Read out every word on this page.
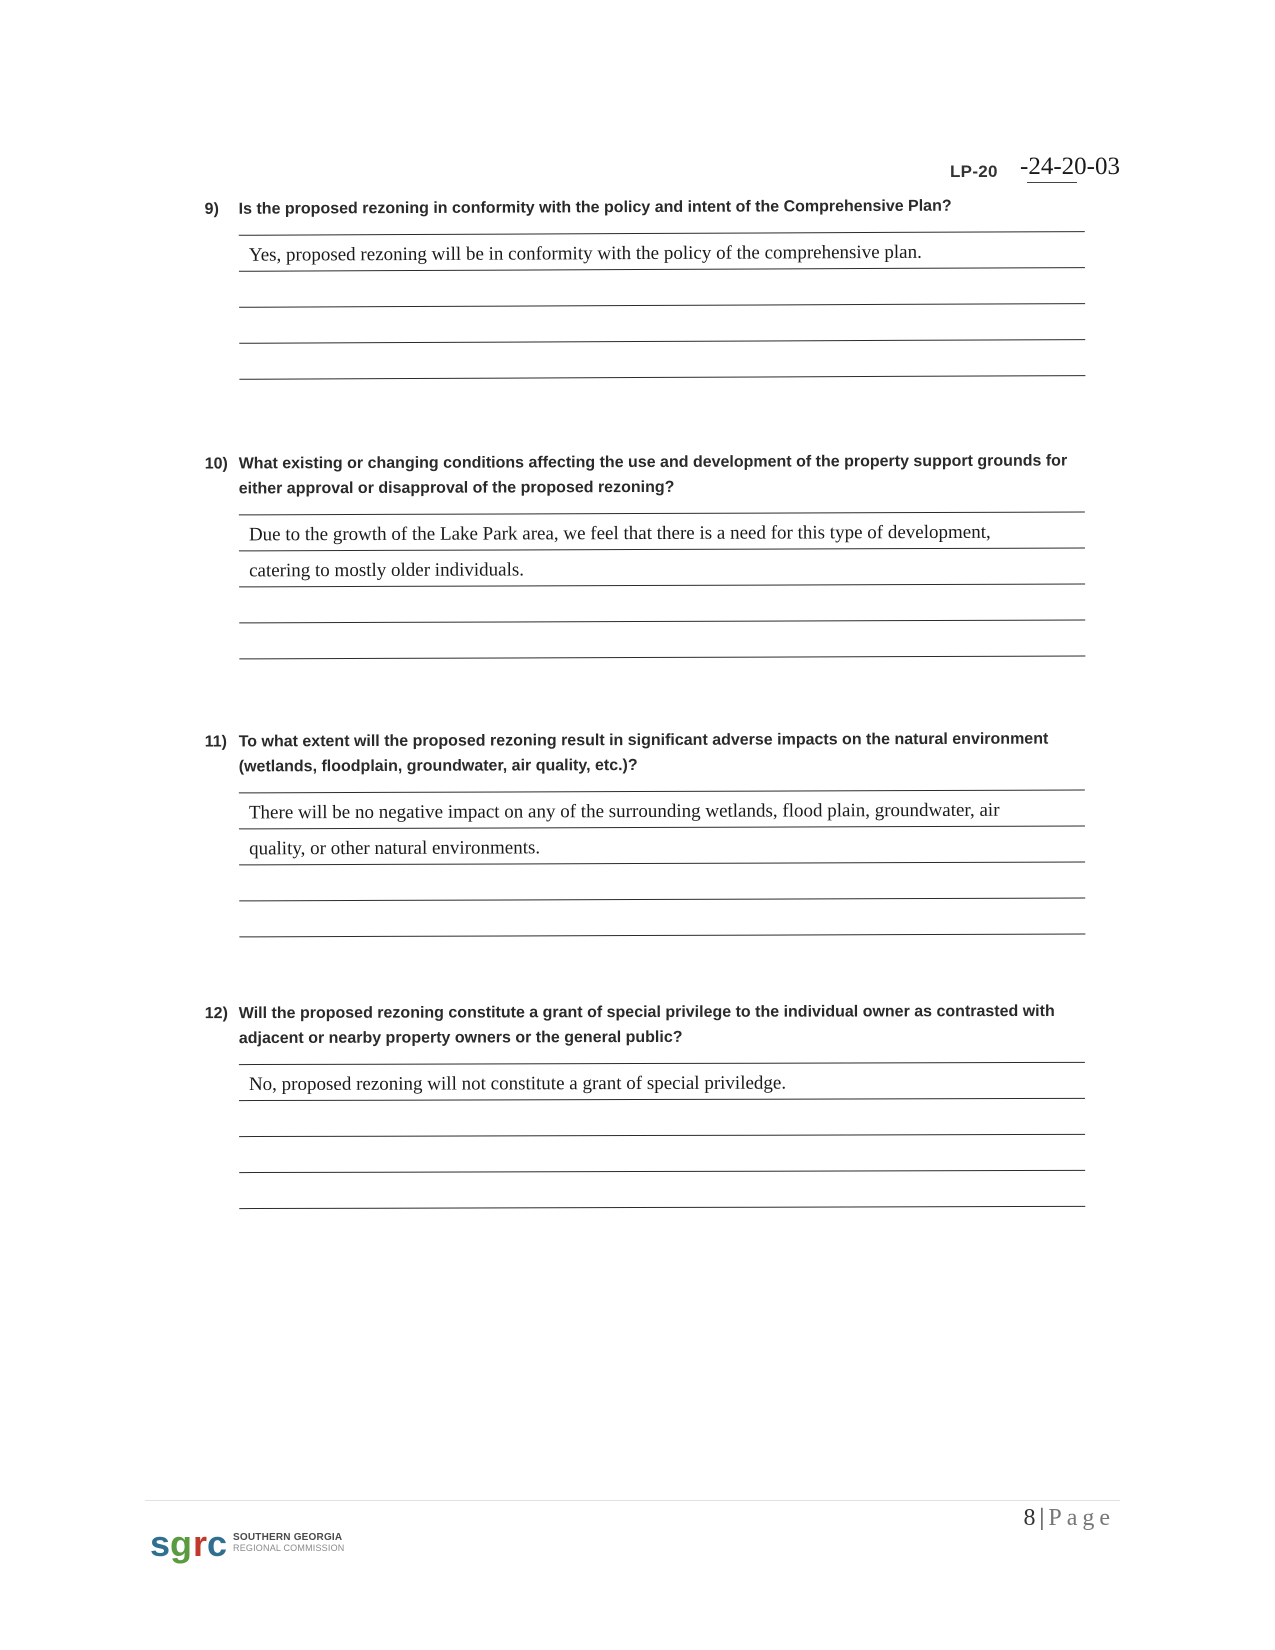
LP-20 -24-20-03
9) Is the proposed rezoning in conformity with the policy and intent of the Comprehensive Plan?
Yes, proposed rezoning will be in conformity with the policy of the comprehensive plan.
10) What existing or changing conditions affecting the use and development of the property support grounds for either approval or disapproval of the proposed rezoning?
Due to the growth of the Lake Park area, we feel that there is a need for this type of development,
catering to mostly older individuals.
11) To what extent will the proposed rezoning result in significant adverse impacts on the natural environment (wetlands, floodplain, groundwater, air quality, etc.)?
There will be no negative impact on any of the surrounding wetlands, flood plain, groundwater, air
quality, or other natural environments.
12) Will the proposed rezoning constitute a grant of special privilege to the individual owner as contrasted with adjacent or nearby property owners or the general public?
No, proposed rezoning will not constitute a grant of special priviledge.
8 | Page
s g r c SOUTHERN GEORGIA
REGIONAL COMMISSION
